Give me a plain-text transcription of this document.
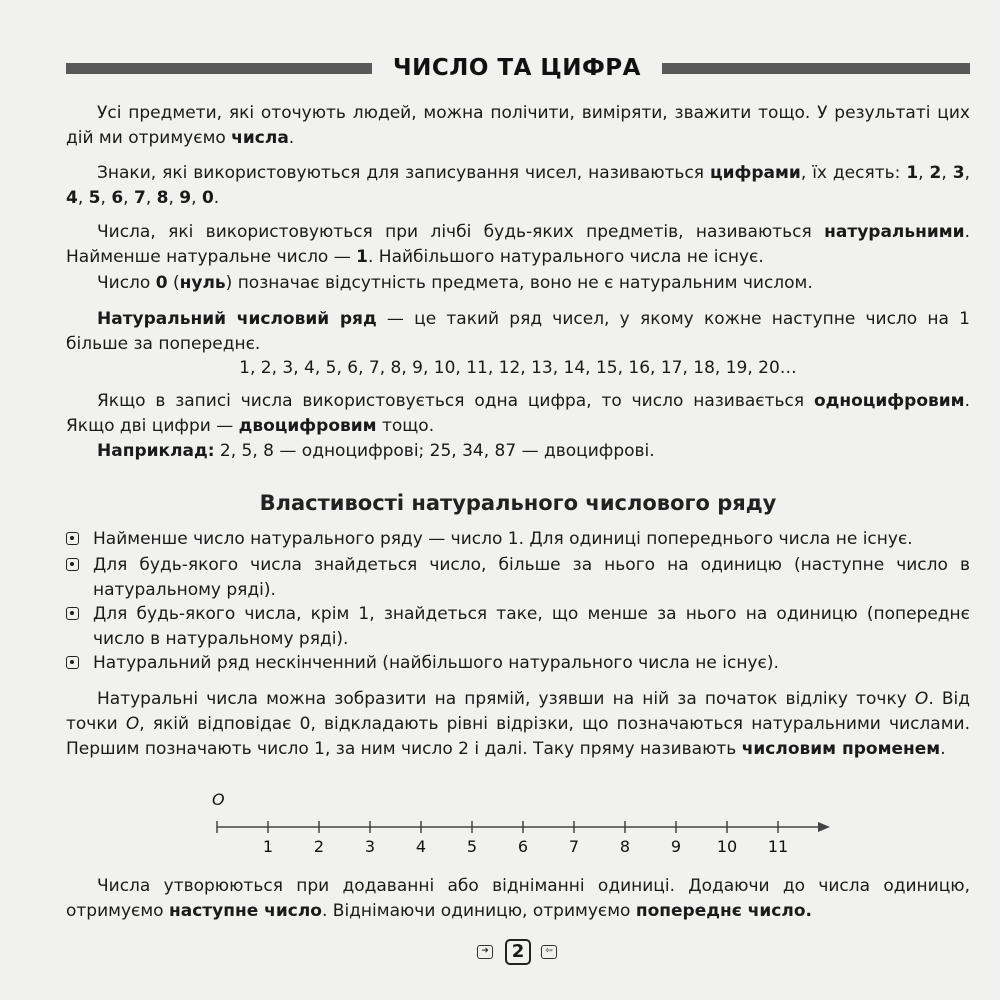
ЧИСЛО ТА ЦИФРА

Усі предмети, які оточують людей, можна полічити, виміряти, зважити тощо. У результаті цих дій ми отримуємо числа.

Знаки, які використовуються для записування чисел, називаються цифрами, їх десять: 1, 2, 3, 4, 5, 6, 7, 8, 9, 0.

Числа, які використовуються при лічбі будь-яких предметів, називаються натуральними. Найменше натуральне число — 1. Найбільшого натурального числа не існує.

Число 0 (нуль) позначає відсутність предмета, воно не є натуральним числом.

Натуральний числовий ряд — це такий ряд чисел, у якому кожне наступне число на 1 більше за попереднє.

1, 2, 3, 4, 5, 6, 7, 8, 9, 10, 11, 12, 13, 14, 15, 16, 17, 18, 19, 20…

Якщо в записі числа використовується одна цифра, то число називається одноцифровим. Якщо дві цифри — двоцифровим тощо.

Наприклад: 2, 5, 8 — одноцифрові; 25, 34, 87 — двоцифрові.

Властивості натурального числового ряду
Найменше число натурального ряду — число 1. Для одиниці попереднього числа не існує.
Для будь-якого числа знайдеться число, більше за нього на одиницю (наступне число в натуральному ряді).
Для будь-якого числа, крім 1, знайдеться таке, що менше за нього на одиницю (попереднє число в натуральному ряді).
Натуральний ряд нескінченний (найбільшого натурального числа не існує).

Натуральні числа можна зобразити на прямій, узявши на ній за початок відліку точку O. Від точки O, якій відповідає 0, відкладають рівні відрізки, що позначаються натуральними числами. Першим позначають число 1, за ним число 2 і далі. Таку пряму називають числовим променем.

O
1	2	3	4	5	6	7	8	9 10 11

Числа утворюються при додаванні або відніманні одиниці. Додаючи до числа одиницю, отримуємо наступне число. Віднімаючи одиницю, отримуємо попереднє число.

➜	2	⇦
